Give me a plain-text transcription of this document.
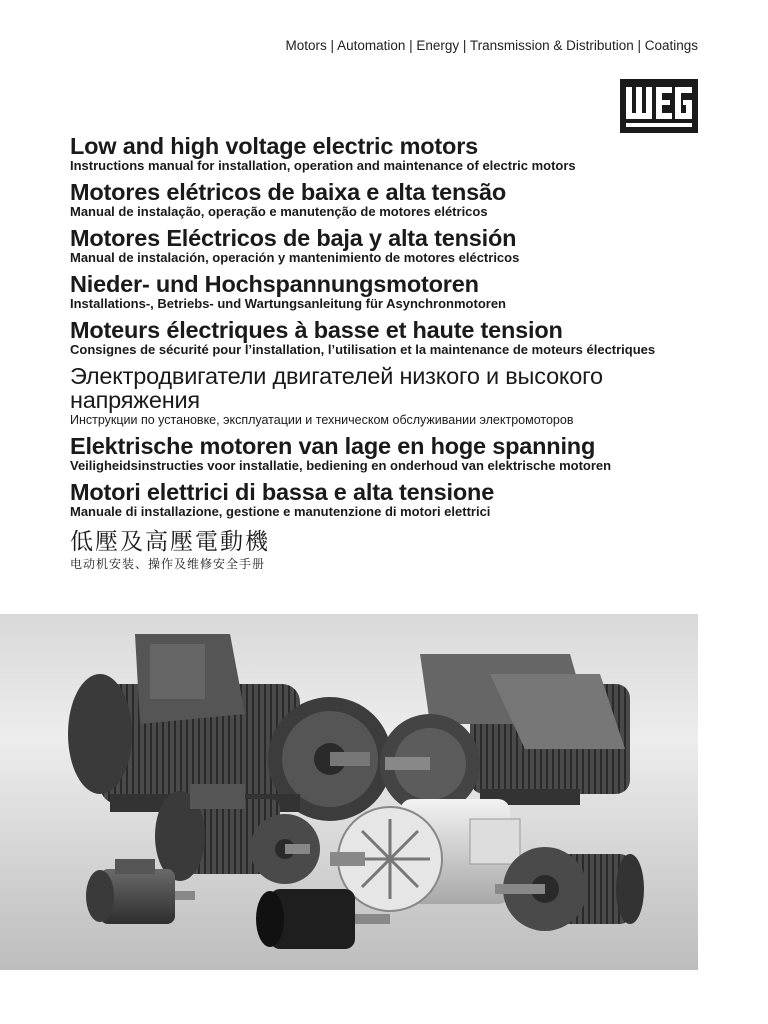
Motors | Automation | Energy | Transmission & Distribution | Coatings
Low and high voltage electric motors
Instructions manual for installation, operation and maintenance of electric motors
Motores elétricos de baixa e alta tensão
Manual de instalação, operação e manutenção de motores elétricos
Motores Eléctricos de baja y alta tensión
Manual de instalación, operación y mantenimiento de motores eléctricos
Nieder- und Hochspannungsmotoren
Installations-, Betriebs- und Wartungsanleitung für Asynchronmotoren
Moteurs électriques à basse et haute tension
Consignes de sécurité pour l’installation, l’utilisation et la maintenance de moteurs électriques
Электродвигатели двигателей низкого и высокого напряжения
Инструкции по установке, эксплуатации и техническом обслуживании электромоторов
Elektrische motoren van lage en hoge spanning
Veiligheidsinstructies voor installatie, bediening en onderhoud van elektrische motoren
Motori elettrici di bassa e alta tensione
Manuale di installazione, gestione e manutenzione di motori elettrici
低壓及高壓電動機
电动机安装、操作及维修安全手册
